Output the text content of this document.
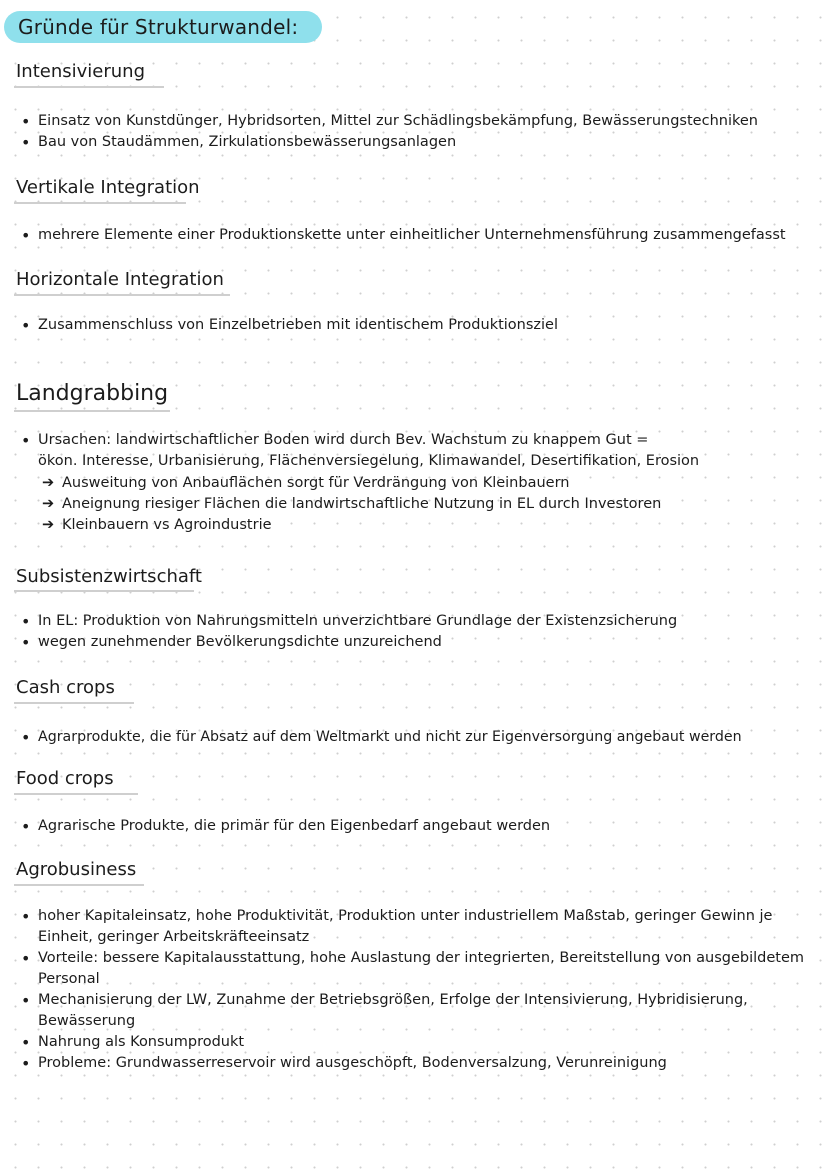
Gründe für Strukturwandel:
Intensivierung
• Einsatz von Kunstdünger, Hybridsorten, Mittel zur Schädlingsbekämpfung, Bewässerungstechniken
• Bau von Staudämmen, Zirkulationsbewässerungsanlagen
Vertikale Integration
• mehrere Elemente einer Produktionskette unter einheitlicher Unternehmensführung zusammengefasst
Horizontale Integration
• Zusammenschluss von Einzelbetrieben mit identischem Produktionsziel
Landgrabbing
• Ursachen: landwirtschaftlicher Boden wird durch Bev. Wachstum zu knappem Gut =
ökon. Interesse, Urbanisierung, Flächenversiegelung, Klimawandel, Desertifikation, Erosion
➔ Ausweitung von Anbauflächen sorgt für Verdrängung von Kleinbauern
➔ Aneignung riesiger Flächen die landwirtschaftliche Nutzung in EL durch Investoren
➔ Kleinbauern vs Agroindustrie
Subsistenzwirtschaft
• In EL: Produktion von Nahrungsmitteln unverzichtbare Grundlage der Existenzsicherung
• wegen zunehmender Bevölkerungsdichte unzureichend
Cash crops
• Agrarprodukte, die für Absatz auf dem Weltmarkt und nicht zur Eigenversorgung angebaut werden
Food crops
• Agrarische Produkte, die primär für den Eigenbedarf angebaut werden
Agrobusiness
• hoher Kapitaleinsatz, hohe Produktivität, Produktion unter industriellem Maßstab, geringer Gewinn je Einheit, geringer Arbeitskräfteeinsatz
• Vorteile: bessere Kapitalausstattung, hohe Auslastung der integrierten, Bereitstellung von ausgebildetem Personal
• Mechanisierung der LW, Zunahme der Betriebsgrößen, Erfolge der Intensivierung, Hybridisierung, Bewässerung
• Nahrung als Konsumprodukt
• Probleme: Grundwasserreservoir wird ausgeschöpft, Bodenversalzung, Verunreinigung
